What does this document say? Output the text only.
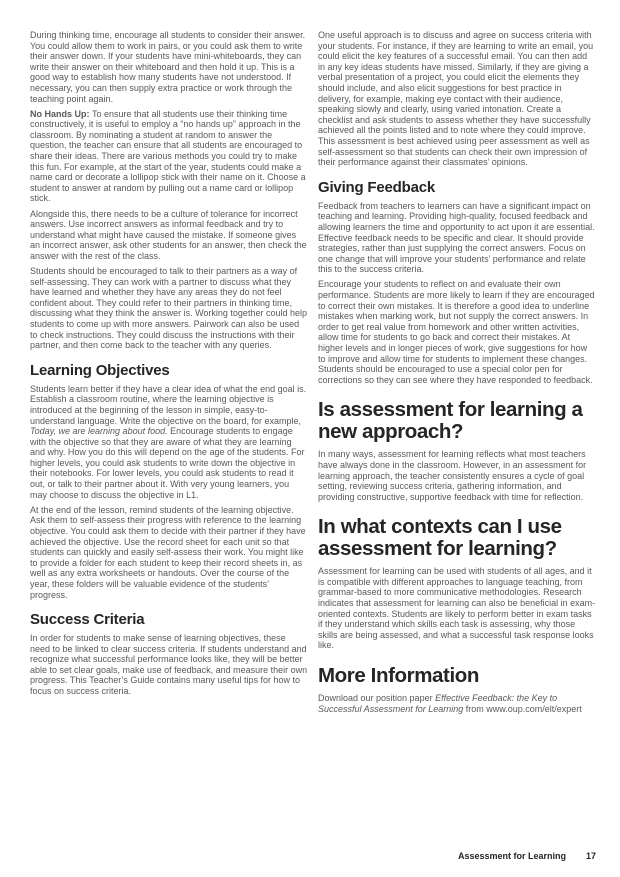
During thinking time, encourage all students to consider their answer. You could allow them to work in pairs, or you could ask them to write their answer down. If your students have mini-whiteboards, they can write their answer on their whiteboard and then hold it up. This is a good way to establish how many students have not understood. If necessary, you can then supply extra practice or work through the teaching point again.

No Hands Up: To ensure that all students use their thinking time constructively, it is useful to employ a “no hands up” approach in the classroom. By nominating a student at random to answer the question, the teacher can ensure that all students are encouraged to share their ideas. There are various methods you could try to make this fun. For example, at the start of the year, students could make a name card or decorate a lollipop stick with their name on it. Choose a student to answer at random by pulling out a name card or lollipop stick.

Alongside this, there needs to be a culture of tolerance for incorrect answers. Use incorrect answers as informal feedback and try to understand what might have caused the mistake. If someone gives an incorrect answer, ask other students for an answer, then check the answer with the rest of the class.

Students should be encouraged to talk to their partners as a way of self-assessing. They can work with a partner to discuss what they have learned and whether they have any areas they do not feel confident about. They could refer to their partners in thinking time, discussing what they think the answer is. Working together could help students to come up with more answers. Pairwork can also be used to check instructions. They could discuss the instructions with their partner, and then come back to the teacher with any queries.

Learning Objectives

Students learn better if they have a clear idea of what the end goal is. Establish a classroom routine, where the learning objective is introduced at the beginning of the lesson in simple, easy-to-understand language. Write the objective on the board, for example, Today, we are learning about food. Encourage students to engage with the objective so that they are aware of what they are learning and why. How you do this will depend on the age of the students. For higher levels, you could ask students to write down the objective in their notebooks. For lower levels, you could ask students to read it out, or talk to their partner about it. With very young learners, you may choose to discuss the objective in L1.

At the end of the lesson, remind students of the learning objective. Ask them to self-assess their progress with reference to the learning objective. You could ask them to decide with their partner if they have achieved the objective. Use the record sheet for each unit so that students can quickly and easily self-assess their work. You might like to provide a folder for each student to keep their record sheets in, as well as any extra worksheets or handouts. Over the course of the year, these folders will be valuable evidence of the students’ progress.

Success Criteria

In order for students to make sense of learning objectives, these need to be linked to clear success criteria. If students understand and recognize what successful performance looks like, they will be better able to set clear goals, make use of feedback, and measure their own progress. This Teacher’s Guide contains many useful tips for how to focus on success criteria.

One useful approach is to discuss and agree on success criteria with your students. For instance, if they are learning to write an email, you could elicit the key features of a successful email. You can then add in any key ideas students have missed. Similarly, if they are giving a verbal presentation of a project, you could elicit the elements they should include, and also elicit suggestions for best practice in delivery, for example, making eye contact with their audience, speaking slowly and clearly, using varied intonation. Create a checklist and ask students to assess whether they have successfully achieved all the points listed and to note where they could improve. This assessment is best achieved using peer assessment as well as self-assessment so that students can check their own impression of their performance against their classmates’ opinions.

Giving Feedback

Feedback from teachers to learners can have a significant impact on teaching and learning. Providing high-quality, focused feedback and allowing learners the time and opportunity to act upon it are essential. Effective feedback needs to be specific and clear. It should provide strategies, rather than just supplying the correct answers. Focus on one change that will improve your students’ performance and relate this to the success criteria.

Encourage your students to reflect on and evaluate their own performance. Students are more likely to learn if they are encouraged to correct their own mistakes. It is therefore a good idea to underline mistakes when marking work, but not supply the correct answers. In order to get real value from homework and other written activities, allow time for students to go back and correct their mistakes. At higher levels and in longer pieces of work, give suggestions for how to improve and allow time for students to implement these changes. Students should be encouraged to use a special color pen for corrections so they can see where they have responded to feedback.

Is assessment for learning a new approach?

In many ways, assessment for learning reflects what most teachers have always done in the classroom. However, in an assessment for learning approach, the teacher consistently ensures a cycle of goal setting, reviewing success criteria, gathering information, and providing constructive, supportive feedback with time for reflection.

In what contexts can I use assessment for learning?

Assessment for learning can be used with students of all ages, and it is compatible with different approaches to language teaching, from grammar-based to more communicative methodologies. Research indicates that assessment for learning can also be beneficial in exam-oriented contexts. Students are likely to perform better in exam tasks if they understand which skills each task is assessing, why those skills are being assessed, and what a successful task response looks like.

More Information

Download our position paper Effective Feedback: the Key to Successful Assessment for Learning from www.oup.com/elt/expert

Assessment for Learning 17
